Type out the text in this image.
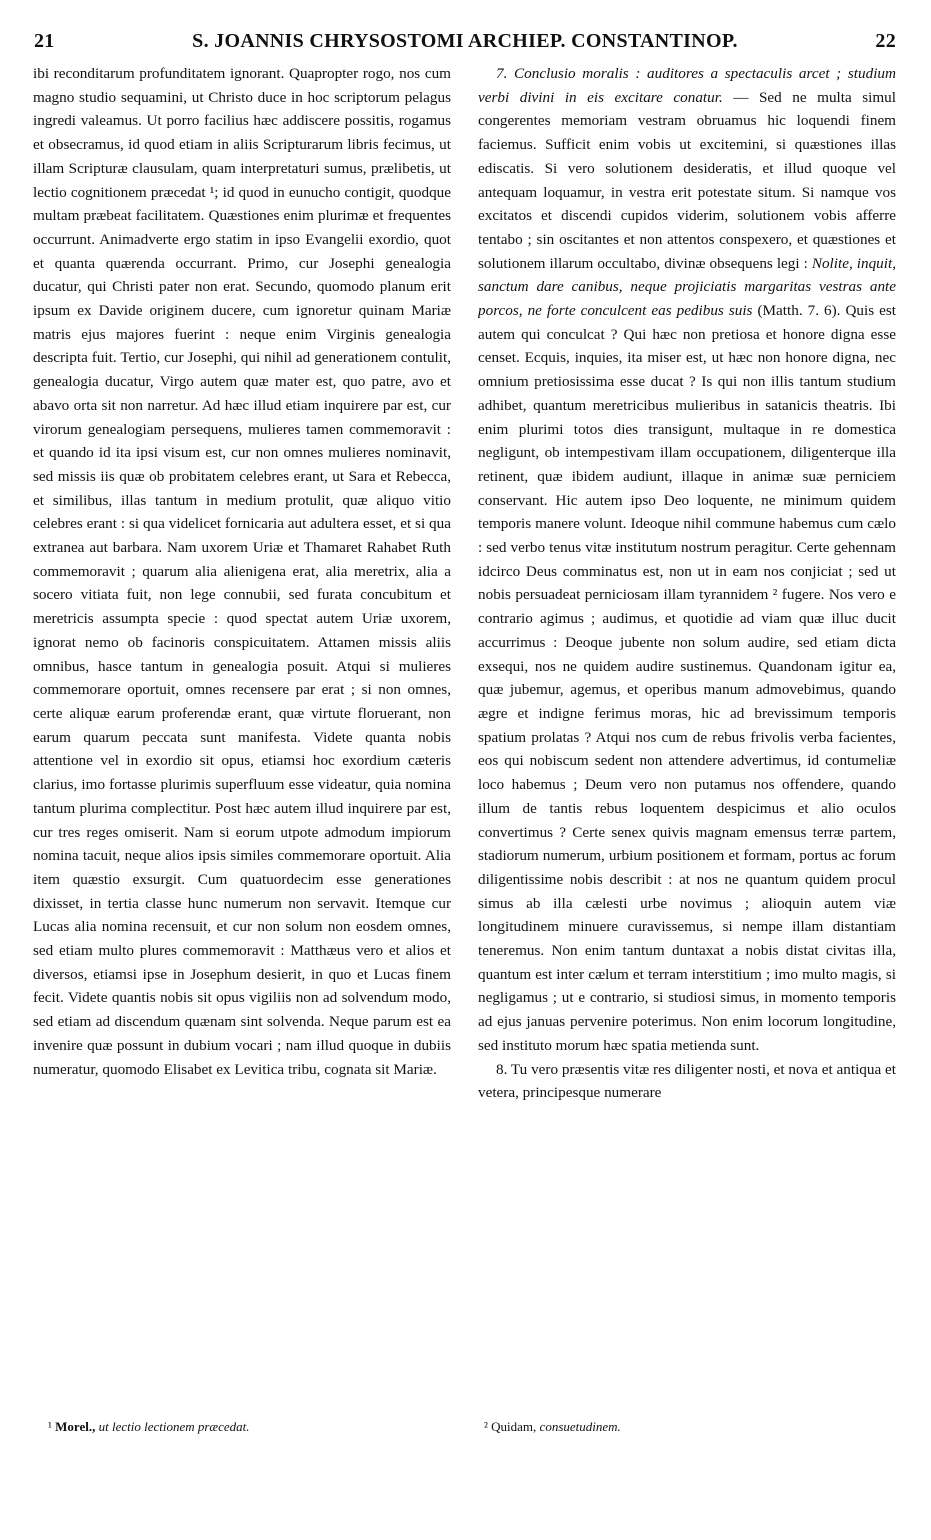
21	S. JOANNIS CHRYSOSTOMI ARCHIEP. CONSTANTINOP.	22

ibi reconditarum profunditatem ignorant. Quapropter rogo, nos cum magno studio sequamini, ut Christo duce in hoc scriptorum pelagus ingredi valeamus. Ut porro facilius hæc addiscere possitis, rogamus et obsecramus, id quod etiam in aliis Scripturarum libris fecimus, ut illam Scripturæ clausulam, quam interpretaturi sumus, prælibetis, ut lectio cognitionem præcedat ¹; id quod in eunucho contigit, quodque multam præbeat facilitatem. Quæstiones enim plurimæ et frequentes occurrunt. Animadverte ergo statim in ipso Evangelii exordio, quot et quanta quærenda occurrant. Primo, cur Josephi genealogia ducatur, qui Christi pater non erat. Secundo, quomodo planum erit ipsum ex Davide originem ducere, cum ignoretur quinam Mariæ matris ejus majores fuerint : neque enim Virginis genealogia descripta fuit. Tertio, cur Josephi, qui nihil ad generationem contulit, genealogia ducatur, Virgo autem quæ mater est, quo patre, avo et abavo orta sit non narretur. Ad hæc illud etiam inquirere par est, cur virorum genealogiam persequens, mulieres tamen commemoravit : et quando id ita ipsi visum est, cur non omnes mulieres nominavit, sed missis iis quæ ob probitatem celebres erant, ut Sara et Rebecca, et similibus, illas tantum in medium protulit, quæ aliquo vitio celebres erant : si qua videlicet fornicaria aut adultera esset, et si qua extranea aut barbara. Nam uxorem Uriæ et Thamaret Rahabet Ruth commemoravit ; quarum alia alienigena erat, alia meretrix, alia a socero vitiata fuit, non lege connubii, sed furata concubitum et meretricis assumpta specie : quod spectat autem Uriæ uxorem, ignorat nemo ob facinoris conspicuitatem. Attamen missis aliis omnibus, hasce tantum in genealogia posuit. Atqui si mulieres commemorare oportuit, omnes recensere par erat ; si non omnes, certe aliquæ earum proferendæ erant, quæ virtute floruerant, non earum quarum peccata sunt manifesta. Videte quanta nobis attentione vel in exordio sit opus, etiamsi hoc exordium cæteris clarius, imo fortasse plurimis superfluum esse videatur, quia nomina tantum plurima complectitur. Post hæc autem illud inquirere par est, cur tres reges omiserit. Nam si eorum utpote admodum impiorum nomina tacuit, neque alios ipsis similes commemorare oportuit. Alia item quæstio exsurgit. Cum quatuordecim esse generationes dixisset, in tertia classe hunc numerum non servavit. Itemque cur Lucas alia nomina recensuit, et cur non solum non eosdem omnes, sed etiam multo plures commemoravit : Matthæus vero et alios et diversos, etiamsi ipse in Josephum desierit, in quo et Lucas finem fecit. Videte quantis nobis sit opus vigiliis non ad solvendum modo, sed etiam ad discendum quænam sint solvenda. Neque parum est ea invenire quæ possunt in dubium vocari ; nam illud quoque in dubiis numeratur, quomodo Elisabet ex Levitica tribu, cognata sit Mariæ.

7. Conclusio moralis : auditores a spectaculis arcet ; studium verbi divini in eis excitare conatur. — Sed ne multa simul congerentes memoriam vestram obruamus hic loquendi finem faciemus. Sufficit enim vobis ut excitemini, si quæstiones illas ediscatis. Si vero solutionem desideratis, et illud quoque vel antequam loquamur, in vestra erit potestate situm. Si namque vos excitatos et discendi cupidos viderim, solutionem vobis afferre tentabo ; sin oscitantes et non attentos conspexero, et quæstiones et solutionem illarum occultabo, divinæ obsequens legi : Nolite, inquit, sanctum dare canibus, neque projiciatis margaritas vestras ante porcos, ne forte conculcent eas pedibus suis (Matth. 7. 6). Quis est autem qui conculcat ? Qui hæc non pretiosa et honore digna esse censet. Ecquis, inquies, ita miser est, ut hæc non honore digna, nec omnium pretiosissima esse ducat ? Is qui non illis tantum studium adhibet, quantum meretricibus mulieribus in satanicis theatris. Ibi enim plurimi totos dies transigunt, multaque in re domestica negligunt, ob intempestivam illam occupationem, diligenterque illa retinent, quæ ibidem audiunt, illaque in animæ suæ perniciem conservant. Hic autem ipso Deo loquente, ne minimum quidem temporis manere volunt. Ideoque nihil commune habemus cum cælo : sed verbo tenus vitæ institutum nostrum peragitur. Certe gehennam idcirco Deus comminatus est, non ut in eam nos conjiciat ; sed ut nobis persuadeat perniciosam illam tyrannidem ² fugere. Nos vero e contrario agimus ; audimus, et quotidie ad viam quæ illuc ducit accurrimus : Deoque jubente non solum audire, sed etiam dicta exsequi, nos ne quidem audire sustinemus. Quandonam igitur ea, quæ jubemur, agemus, et operibus manum admovebimus, quando ægre et indigne ferimus moras, hic ad brevissimum temporis spatium prolatas ? Atqui nos cum de rebus frivolis verba facientes, eos qui nobiscum sedent non attendere advertimus, id contumeliæ loco habemus ; Deum vero non putamus nos offendere, quando illum de tantis rebus loquentem despicimus et alio oculos convertimus ? Certe senex quivis magnam emensus terræ partem, stadiorum numerum, urbium positionem et formam, portus ac forum diligentissime nobis describit : at nos ne quantum quidem procul simus ab illa cælesti urbe novimus ; alioquin autem viæ longitudinem minuere curavissemus, si nempe illam distantiam teneremus. Non enim tantum duntaxat a nobis distat civitas illa, quantum est inter cælum et terram interstitium ; imo multo magis, si negligamus ; ut e contrario, si studiosi simus, in momento temporis ad ejus januas pervenire poterimus. Non enim locorum longitudine, sed instituto morum hæc spatia metienda sunt.

8. Tu vero præsentis vitæ res diligenter nosti, et nova et antiqua et vetera, principesque numerare

¹ Morel., ut lectio lectionem præcedat.	² Quidam, consuetudinem.
